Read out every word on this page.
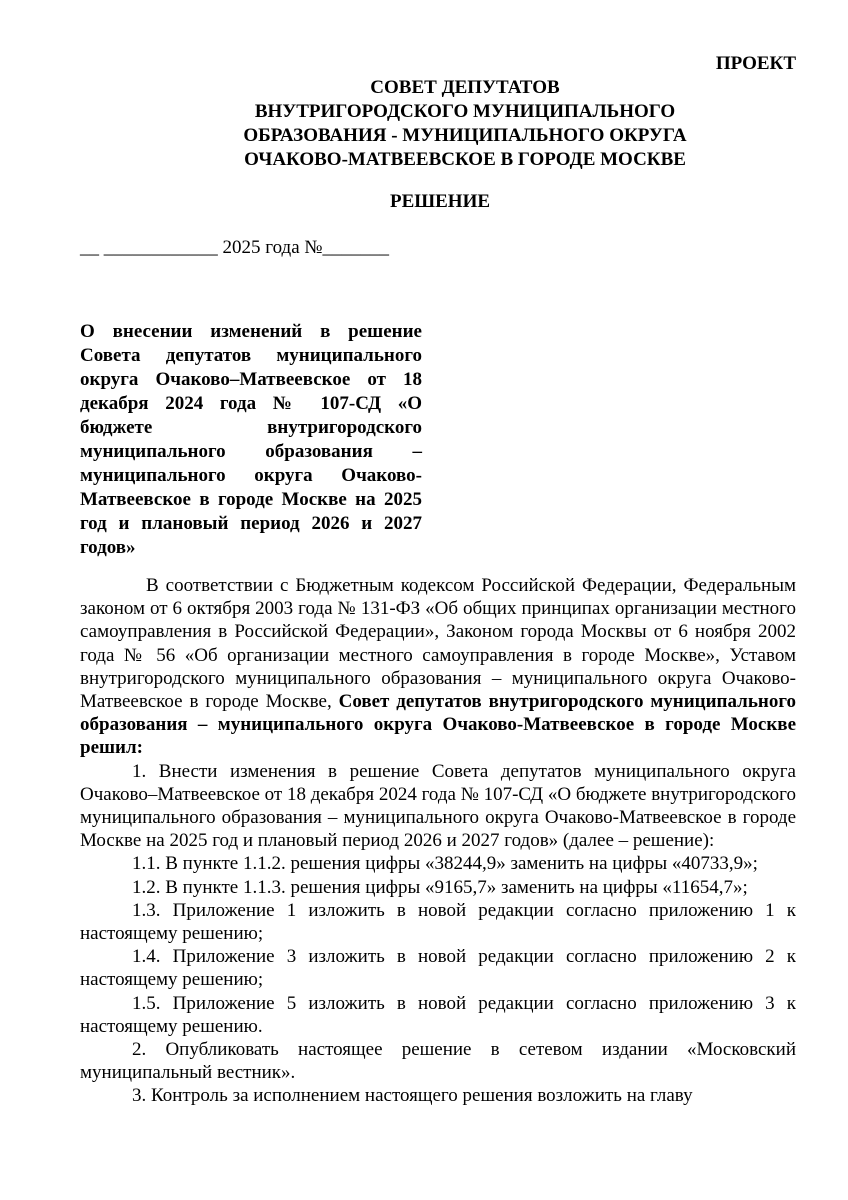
ПРОЕКТ
СОВЕТ ДЕПУТАТОВ
ВНУТРИГОРОДСКОГО МУНИЦИПАЛЬНОГО
ОБРАЗОВАНИЯ - МУНИЦИПАЛЬНОГО ОКРУГА
ОЧАКОВО-МАТВЕЕВСКОЕ В ГОРОДЕ МОСКВЕ
РЕШЕНИЕ
__ ____________ 2025 года №_______
О внесении изменений в решение Совета депутатов муниципального округа Очаково–Матвеевское от 18 декабря 2024 года № 107-СД «О бюджете внутригородского муниципального образования – муниципального округа Очаково-Матвеевское в городе Москве на 2025 год и плановый период 2026 и 2027 годов»

В соответствии с Бюджетным кодексом Российской Федерации, Федеральным законом от 6 октября 2003 года № 131-ФЗ «Об общих принципах организации местного самоуправления в Российской Федерации», Законом города Москвы от 6 ноября 2002 года № 56 «Об организации местного самоуправления в городе Москве», Уставом внутригородского муниципального образования – муниципального округа Очаково-Матвеевское в городе Москве, Совет депутатов внутригородского муниципального образования – муниципального округа Очаково-Матвеевское в городе Москве решил:

1. Внести изменения в решение Совета депутатов муниципального округа Очаково–Матвеевское от 18 декабря 2024 года № 107-СД «О бюджете внутригородского муниципального образования – муниципального округа Очаково-Матвеевское в городе Москве на 2025 год и плановый период 2026 и 2027 годов» (далее – решение):

1.1. В пункте 1.1.2. решения цифры «38244,9» заменить на цифры «40733,9»;

1.2. В пункте 1.1.3. решения цифры «9165,7» заменить на цифры «11654,7»;

1.3. Приложение 1 изложить в новой редакции согласно приложению 1 к настоящему решению;

1.4. Приложение 3 изложить в новой редакции согласно приложению 2 к настоящему решению;

1.5. Приложение 5 изложить в новой редакции согласно приложению 3 к настоящему решению.

2. Опубликовать настоящее решение в сетевом издании «Московский муниципальный вестник».

3. Контроль за исполнением настоящего решения возложить на главу
